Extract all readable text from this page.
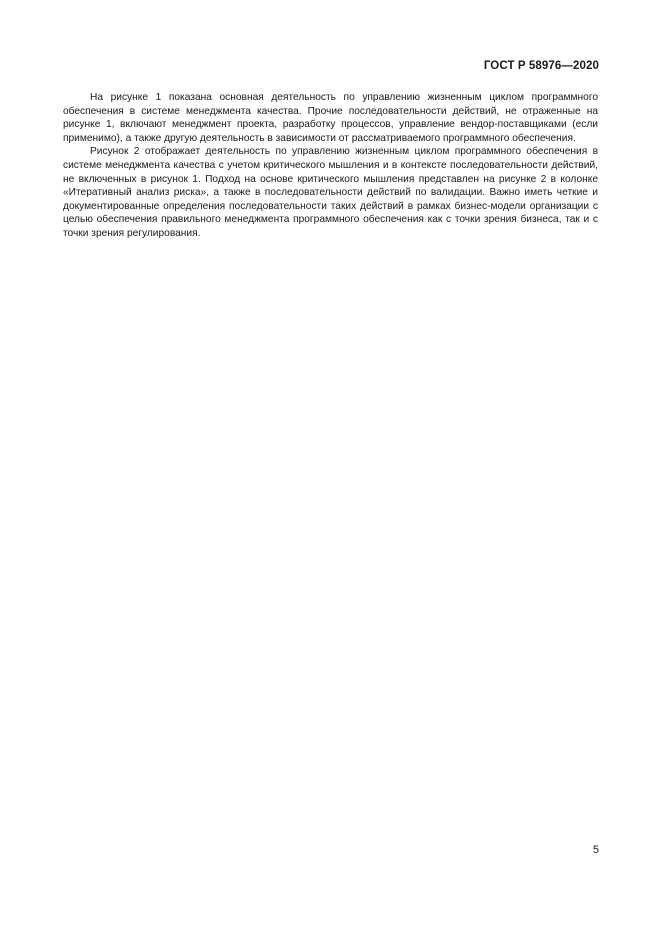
ГОСТ Р 58976—2020

На рисунке 1 показана основная деятельность по управлению жизненным циклом программного обеспечения в системе менеджмента качества. Прочие последовательности действий, не отраженные на рисунке 1, включают менеджмент проекта, разработку процессов, управление вендор-поставщиками (если применимо), а также другую деятельность в зависимости от рассматриваемого программного обеспечения.

Рисунок 2 отображает деятельность по управлению жизненным циклом программного обеспечения в системе менеджмента качества с учетом критического мышления и в контексте последовательности действий, не включенных в рисунок 1. Подход на основе критического мышления представлен на рисунке 2 в колонке «Итеративный анализ риска», а также в последовательности действий по валидации. Важно иметь четкие и документированные определения последовательности таких действий в рамках бизнес-модели организации с целью обеспечения правильного менеджмента программного обеспечения как с точки зрения бизнеса, так и с точки зрения регулирования.

5
